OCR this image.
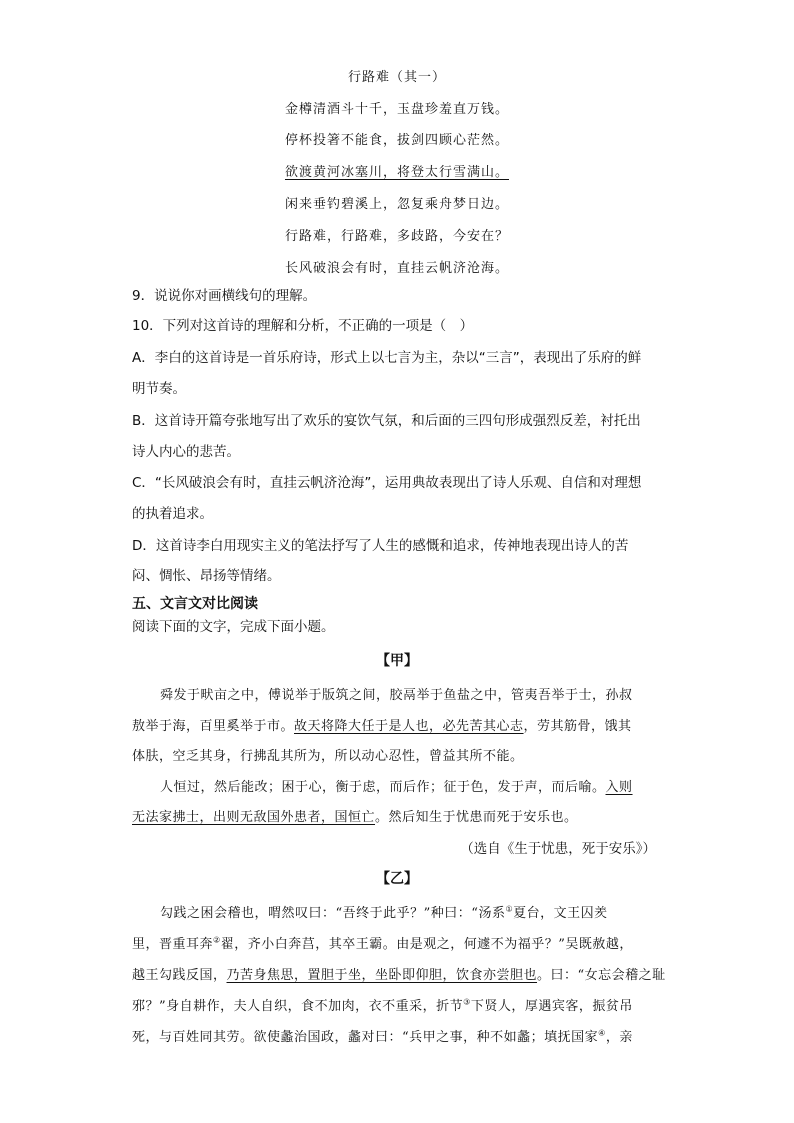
行路难（其一）
金樽清酒斗十千，玉盘珍羞直万钱。
停杯投箸不能食，拔剑四顾心茫然。
欲渡黄河冰塞川，将登太行雪满山。
闲来垂钓碧溪上，忽复乘舟梦日边。
行路难，行路难，多歧路，今安在？
长风破浪会有时，直挂云帆济沧海。
9．说说你对画横线句的理解。
10．下列对这首诗的理解和分析，不正确的一项是（　）
A．李白的这首诗是一首乐府诗，形式上以七言为主，杂以“三言”，表现出了乐府的鲜
明节奏。
B．这首诗开篇夸张地写出了欢乐的宴饮气氛，和后面的三四句形成强烈反差，衬托出
诗人内心的悲苦。
C．“长风破浪会有时，直挂云帆济沧海”，运用典故表现出了诗人乐观、自信和对理想
的执着追求。
D．这首诗李白用现实主义的笔法抒写了人生的感慨和追求，传神地表现出诗人的苦
闷、惆怅、昂扬等情绪。
五、文言文对比阅读
阅读下面的文字，完成下面小题。
【甲】
舜发于畎亩之中，傅说举于版筑之间，胶鬲举于鱼盐之中，管夷吾举于士，孙叔
敖举于海，百里奚举于市。故天将降大任于是人也，必先苦其心志，劳其筋骨，饿其
体肤，空乏其身，行拂乱其所为，所以动心忍性，曾益其所不能。
人恒过，然后能改；困于心，衡于虑，而后作；征于色，发于声，而后喻。入则
无法家拂士，出则无敌国外患者，国恒亡。然后知生于忧患而死于安乐也。
（选自《生于忧患，死于安乐》）
【乙】
勾践之困会稽也，喟然叹曰：“吾终于此乎？”种曰：“汤系①夏台，文王囚羑
里，晋重耳奔②翟，齐小白奔莒，其卒王霸。由是观之，何遽不为福乎？”吴既赦越，
越王勾践反国，乃苦身焦思，置胆于坐，坐卧即仰胆，饮食亦尝胆也。曰：“女忘会稽之耻
邪？”身自耕作，夫人自织，食不加肉，衣不重采，折节③下贤人，厚遇宾客，振贫吊
死，与百姓同其劳。欲使蠡治国政，蠡对曰：“兵甲之事，种不如蠡；填抚国家④，亲
